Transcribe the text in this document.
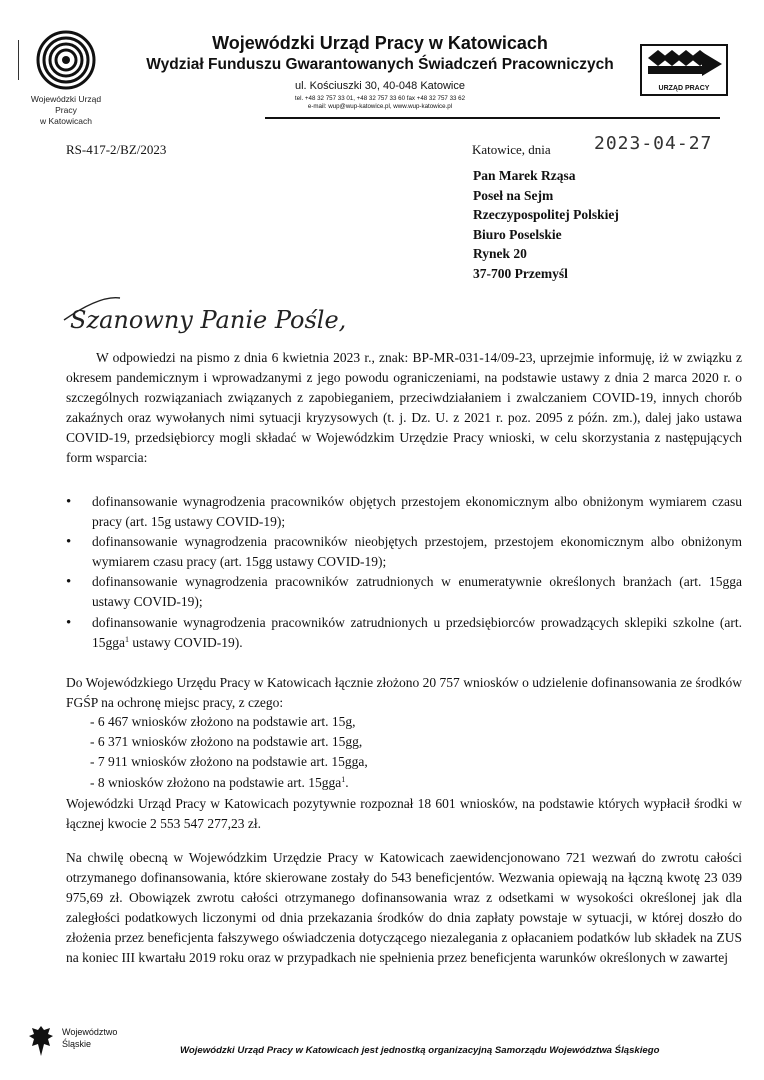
Wojewódzki Urząd Pracy
w Katowicach
Wojewódzki Urząd Pracy w Katowicach
Wydział Funduszu Gwarantowanych Świadczeń Pracowniczych
ul. Kościuszki 30, 40-048 Katowice
tel. +48 32 757 33 01, +48 32 757 33 60 fax +48 32 757 33 62
e-mail: wup@wup-katowice.pl, www.wup-katowice.pl
URZĄD PRACY
RS-417-2/BZ/2023	Katowice, dnia 2023-04-27
Pan Marek Rząsa
Poseł na Sejm
Rzeczypospolitej Polskiej
Biuro Poselskie
Rynek 20
37-700 Przemyśl
Szanowny Panie Pośle,
W odpowiedzi na pismo z dnia 6 kwietnia 2023 r., znak: BP-MR-031-14/09-23, uprzejmie informuję, iż w związku z okresem pandemicznym i wprowadzanymi z jego powodu ograniczeniami, na podstawie ustawy z dnia 2 marca 2020 r. o szczególnych rozwiązaniach związanych z zapobieganiem, przeciwdziałaniem i zwalczaniem COVID-19, innych chorób zakaźnych oraz wywołanych nimi sytuacji kryzysowych (t. j. Dz. U. z 2021 r. poz. 2095 z późn. zm.), dalej jako ustawa COVID-19, przedsiębiorcy mogli składać w Wojewódzkim Urzędzie Pracy wnioski, w celu skorzystania z następujących form wsparcia:
• dofinansowanie wynagrodzenia pracowników objętych przestojem ekonomicznym albo obniżonym wymiarem czasu pracy (art. 15g ustawy COVID-19);
• dofinansowanie wynagrodzenia pracowników nieobjętych przestojem, przestojem ekonomicznym albo obniżonym wymiarem czasu pracy (art. 15gg ustawy COVID-19);
• dofinansowanie wynagrodzenia pracowników zatrudnionych w enumeratywnie określonych branżach (art. 15gga ustawy COVID-19);
• dofinansowanie wynagrodzenia pracowników zatrudnionych u przedsiębiorców prowadzących sklepiki szkolne (art. 15gga$^1$ ustawy COVID-19).
Do Wojewódzkiego Urzędu Pracy w Katowicach łącznie złożono 20 757 wniosków o udzielenie dofinansowania ze środków FGŚP na ochronę miejsc pracy, z czego:
- 6 467 wniosków złożono na podstawie art. 15g,
- 6 371 wniosków złożono na podstawie art. 15gg,
- 7 911 wniosków złożono na podstawie art. 15gga,
- 8 wniosków złożono na podstawie art. 15gga$^1$.
Wojewódzki Urząd Pracy w Katowicach pozytywnie rozpoznał 18 601 wniosków, na podstawie których wypłacił środki w łącznej kwocie 2 553 547 277,23 zł.
Na chwilę obecną w Wojewódzkim Urzędzie Pracy w Katowicach zaewidencjonowano 721 wezwań do zwrotu całości otrzymanego dofinansowania, które skierowane zostały do 543 beneficjentów. Wezwania opiewają na łączną kwotę 23 039 975,69 zł. Obowiązek zwrotu całości otrzymanego dofinansowania wraz z odsetkami w wysokości określonej jak dla zaległości podatkowych liczonymi od dnia przekazania środków do dnia zapłaty powstaje w sytuacji, w której doszło do złożenia przez beneficjenta fałszywego oświadczenia dotyczącego niezalegania z opłacaniem podatków lub składek na ZUS na koniec III kwartału 2019 roku oraz w przypadkach nie spełnienia przez beneficjenta warunków określonych w zawartej
Województwo
Śląskie
Wojewódzki Urząd Pracy w Katowicach jest jednostką organizacyjną Samorządu Województwa Śląskiego
